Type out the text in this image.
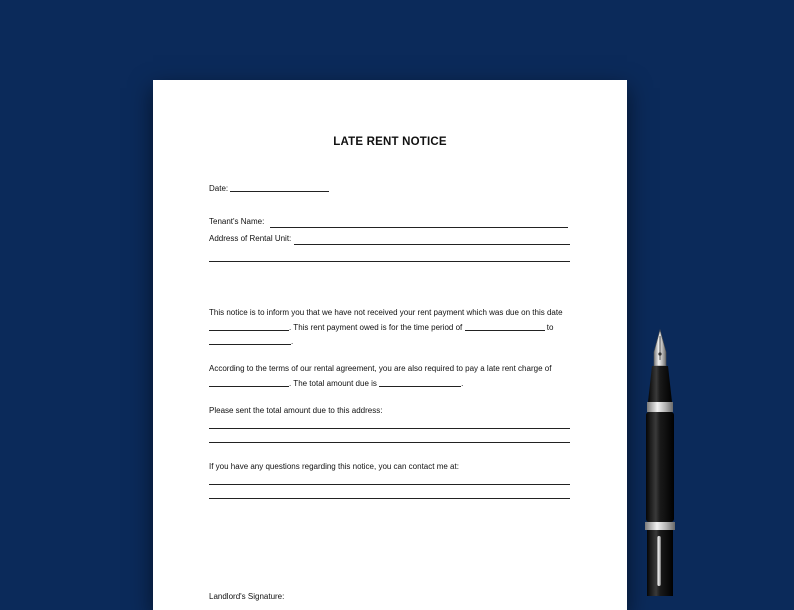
LATE RENT NOTICE
Date:
Tenant's Name:
Address of Rental Unit:
This notice is to inform you that we have not received your rent payment which was due on this date
. This rent payment owed is for the time period of	to
.
According to the terms of our rental agreement, you are also required to pay a late rent charge of
. The total amount due is	.
Please sent the total amount due to this address:
If you have any questions regarding this notice, you can contact me at:
Landlord's Signature:
